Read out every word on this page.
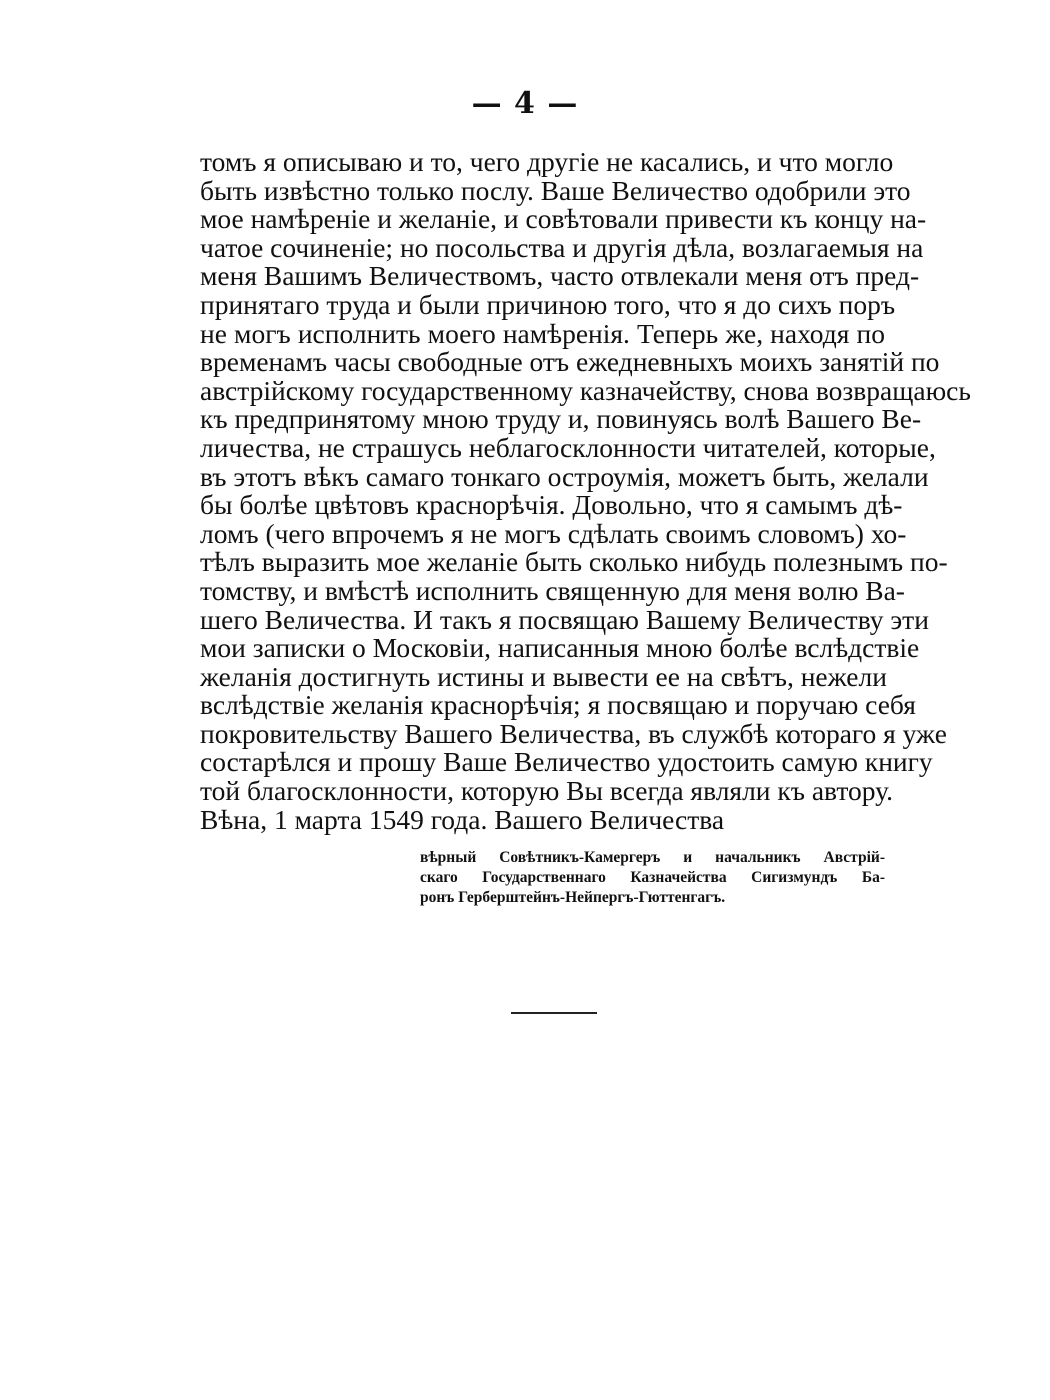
— 4 —
томъ я описываю и то, чего другіе не касались, и что могло
быть извѣстно только послу. Ваше Величество одобрили это
мое намѣреніе и желаніе, и совѣтовали привести къ концу на-
чатое сочиненіе; но посольства и другія дѣла, возлагаемыя на
меня Вашимъ Величествомъ, часто отвлекали меня отъ пред-
принятаго труда и были причиною того, что я до сихъ поръ
не могъ исполнить моего намѣренія. Теперь же, находя по
временамъ часы свободные отъ ежедневныхъ моихъ занятій по
австрійскому государственному казначейству, снова возвращаюсь
къ предпринятому мною труду и, повинуясь волѣ Вашего Ве-
личества, не страшусь неблагосклонности читателей, которые,
въ этотъ вѣкъ самаго тонкаго остроумія, можетъ быть, желали
бы болѣе цвѣтовъ краснорѣчія. Довольно, что я самымъ дѣ-
ломъ (чего впрочемъ я не могъ сдѣлать своимъ словомъ) хо-
тѣлъ выразить мое желаніе быть сколько нибудь полезнымъ по-
томству, и вмѣстѣ исполнить священную для меня волю Ва-
шего Величества. И такъ я посвящаю Вашему Величеству эти
мои записки о Московіи, написанныя мною болѣе вслѣдствіе
желанія достигнуть истины и вывести ее на свѣтъ, нежели
вслѣдствіе желанія краснорѣчія; я посвящаю и поручаю себя
покровительству Вашего Величества, въ службѣ котораго я уже
состарѣлся и прошу Ваше Величество удостоить самую книгу
той благосклонности, которую Вы всегда являли къ автору.
Вѣна, 1 марта 1549 года. Вашего Величества
вѣрный Совѣтникъ-Камергеръ и начальникъ Австрій-
скаго Государственнаго Казначейства Сигизмундъ Ба-
ронъ Герберштейнъ-Нейпергъ-Гюттенгагъ.
